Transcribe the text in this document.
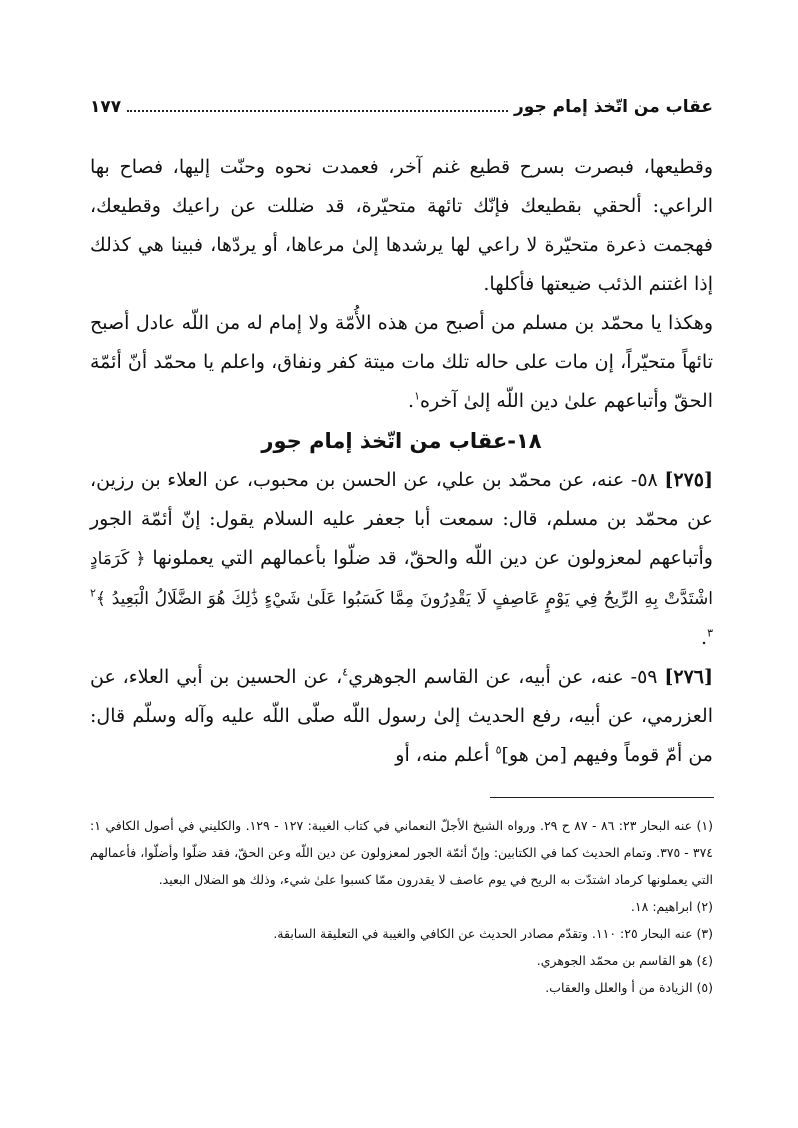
عقاب من اتّخذ إمام جور
١٧٧

وقطيعها، فبصرت بسرح قطيع غنم آخر، فعمدت نحوه وحنّت إليها، فصاح بها الراعي: ألحقي بقطيعك فإنّك تائهة متحيّرة، قد ضللت عن راعيك وقطيعك، فهجمت ذعرة متحيّرة لا راعي لها يرشدها إلىٰ مرعاها، أو يردّها، فبينا هي كذلك إذا اغتنم الذئب ضيعتها فأكلها.

وهكذا يا محمّد بن مسلم من أصبح من هذه الأُمّة ولا إمام له من اللّه عادل أصبح تائهاً متحيّراً، إن مات على حاله تلك مات ميتة كفر ونفاق، واعلم يا محمّد أنّ أئمّة الحقّ وأتباعهم علىٰ دين اللّه إلىٰ آخره$^١$.

١٨-عقاب من اتّخذ إمام جور

[٢٧٥] ٥٨- عنه، عن محمّد بن علي، عن الحسن بن محبوب، عن العلاء بن رزين، عن محمّد بن مسلم، قال: سمعت أبا جعفر عليه السلام يقول: إنّ أئمّة الجور وأتباعهم لمعزولون عن دين اللّه والحقّ، قد ضلّوا بأعمالهم التي يعملونها ﴿ كَرَمَادٍ اشْتَدَّتْ بِهِ الرِّيحُ فِي يَوْمٍ عَاصِفٍ لَا يَقْدِرُونَ مِمَّا كَسَبُوا عَلَىٰ شَيْءٍ ذَٰلِكَ هُوَ الضَّلَالُ الْبَعِيدُ ﴾$^{٢ ٣}$.

[٢٧٦] ٥٩- عنه، عن أبيه، عن القاسم الجوهري$^٤$، عن الحسين بن أبي العلاء، عن العزرمي، عن أبيه، رفع الحديث إلىٰ رسول اللّه صلّى اللّه عليه وآله وسلّم قال: من أمّ قوماً وفيهم [من هو]$^٥$ أعلم منه، أو

(١) عنه البحار ٢٣: ٨٦ - ٨٧ ح ٢٩. ورواه الشيخ الأجلّ النعماني في كتاب الغيبة: ١٢٧ - ١٢٩. والكليني في أصول الكافي ١: ٣٧٤ - ٣٧٥. وتمام الحديث كما في الكتابين: وإنّ أئمّة الجور لمعزولون عن دين اللّه وعن الحقّ، فقد ضلّوا وأضلّوا، فأعمالهم التي يعملونها كرماد اشتدّت به الريح في يوم عاصف لا يقدرون ممّا كسبوا علىٰ شيء، وذلك هو الضلال البعيد.

(٢) ابراهيم: ١٨.

(٣) عنه البحار ٢٥: ١١٠. وتقدّم مصادر الحديث عن الكافي والغيبة في التعليقة السابقة.

(٤) هو القاسم بن محمّد الجوهري.

(٥) الزيادة من أ والعلل والعقاب.
